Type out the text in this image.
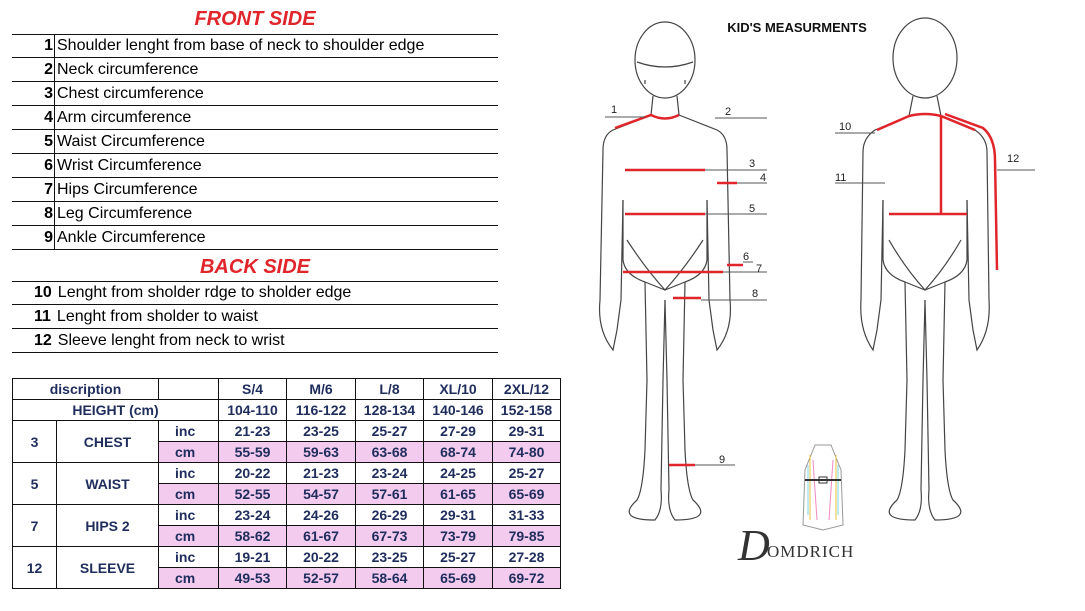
FRONT SIDE
1 Shoulder lenght from base of neck to shoulder edge
2 Neck circumference
3 Chest circumference
4 Arm circumference
5 Waist Circumference
6 Wrist Circumference
7 Hips Circumference
8 Leg Circumference
9 Ankle Circumference
BACK SIDE
10 Lenght from sholder rdge to sholder edge
11 Lenght from sholder to waist
12 Sleeve lenght from neck to wrist
discription			S/4	M/6	L/8	XL/10	2XL/12
HEIGHT (cm)			104-110	116-122	128-134	140-146	152-158
3	CHEST	inc	21-23	23-25	25-27	27-29	29-31
		cm	55-59	59-63	63-68	68-74	74-80
5	WAIST	inc	20-22	21-23	23-24	24-25	25-27
		cm	52-55	54-57	57-61	61-65	65-69
7	HIPS 2	inc	23-24	24-26	26-29	29-31	31-33
		cm	58-62	61-67	67-73	73-79	79-85
12	SLEEVE	inc	19-21	20-22	23-25	25-27	27-28
		cm	49-53	52-57	58-64	65-69	69-72
KID'S MEASURMENTS
1	2
3
4
5
6
7
8
9
10
11
12
D
OMDRICH
